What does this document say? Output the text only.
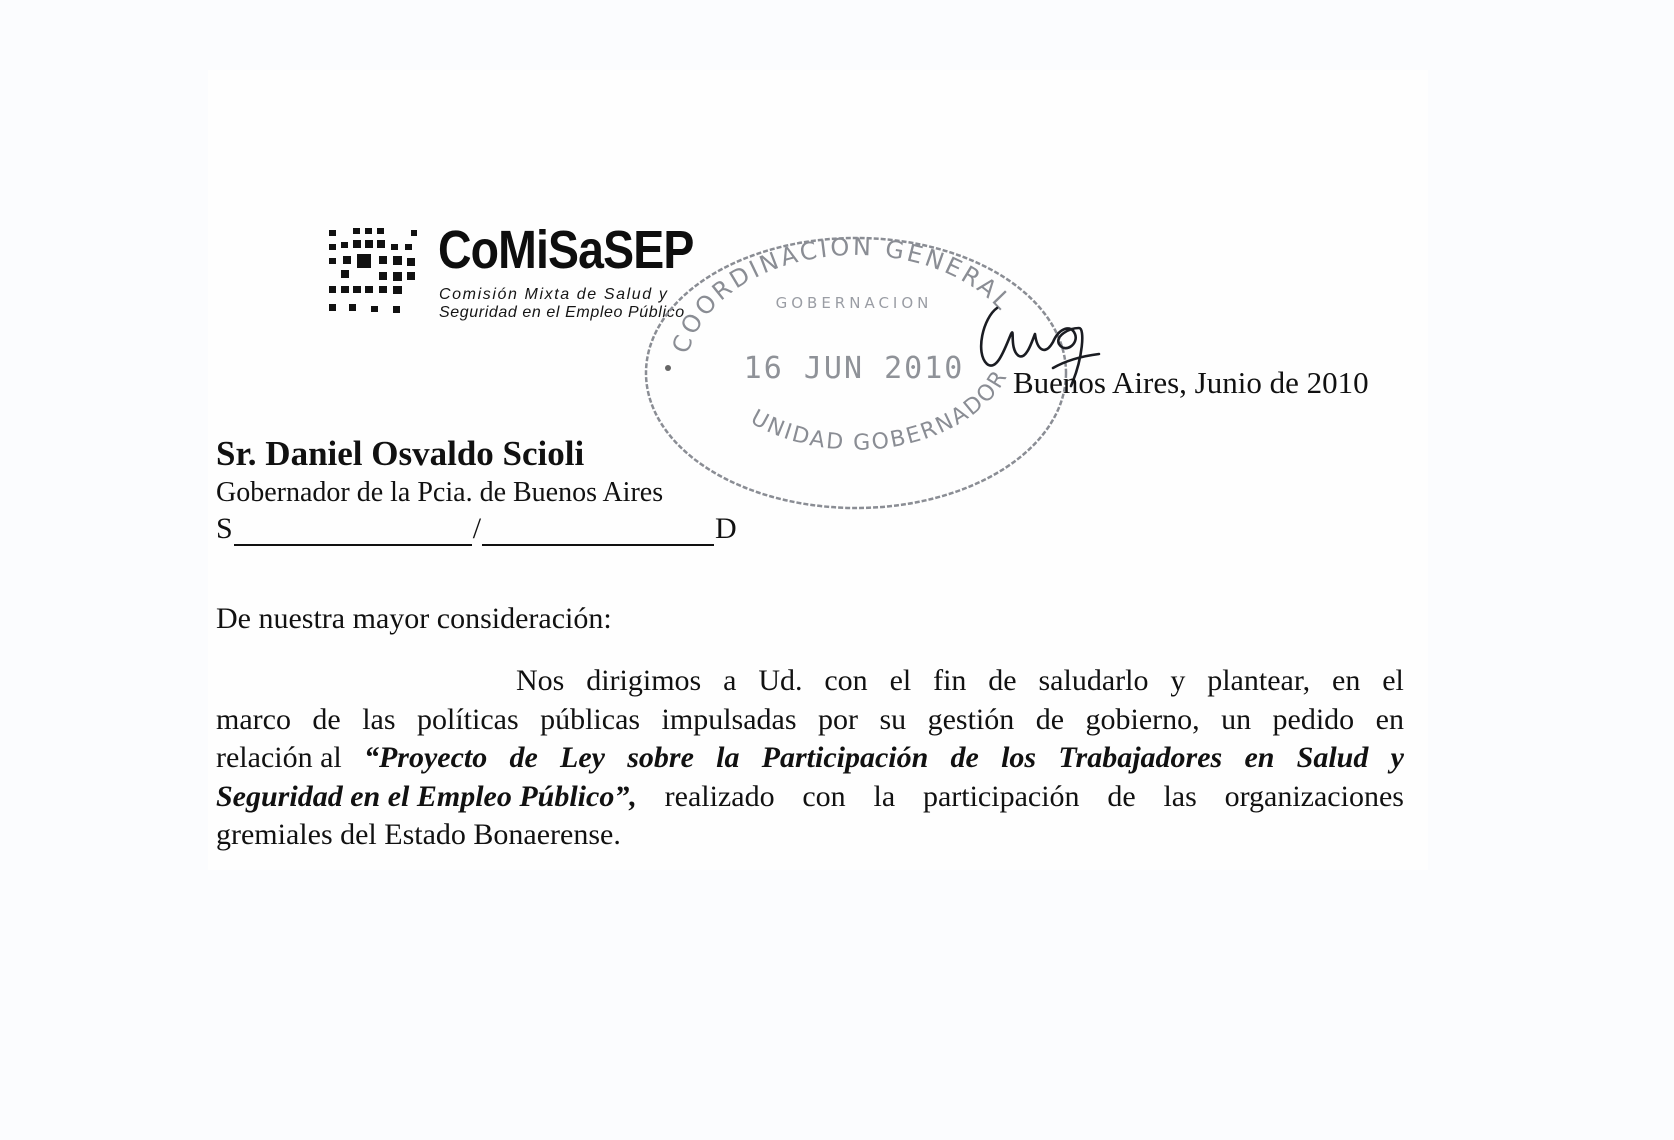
CoMiSaSEP
Comisión Mixta de Salud y
Seguridad en el Empleo Público
COORDINACION GENERAL
GOBERNACION
16 JUN 2010
UNIDAD GOBERNADOR Buenos Aires, Junio de 2010
Sr. Daniel Osvaldo Scioli
Gobernador de la Pcia. de Buenos Aires
S	/	D
De nuestra mayor consideración:
Nos dirigimos a Ud. con el fin de saludarlo y plantear, en el
marco de las políticas públicas impulsadas por su gestión de gobierno, un pedido en
relación al “Proyecto de Ley sobre la Participación de los Trabajadores en Salud y
Seguridad en el Empleo Público”, realizado con la participación de las organizaciones
gremiales del Estado Bonaerense.
